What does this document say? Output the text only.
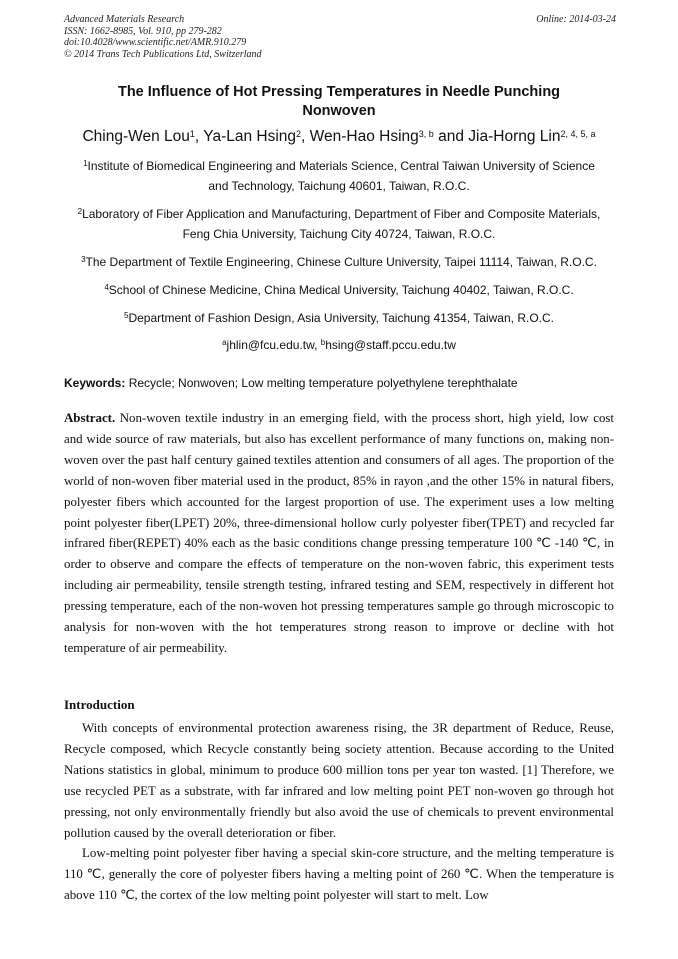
Advanced Materials Research
ISSN: 1662-8985, Vol. 910, pp 279-282
doi:10.4028/www.scientific.net/AMR.910.279
© 2014 Trans Tech Publications Ltd, Switzerland
Online: 2014-03-24
The Influence of Hot Pressing Temperatures in Needle Punching
Nonwoven
Ching-Wen Lou$^1$, Ya-Lan Hsing$^2$, Wen-Hao Hsing$^{3, b}$ and Jia-Horng Lin$^{2, 4, 5, a}$
$^1$Institute of Biomedical Engineering and Materials Science, Central Taiwan University of Science
and Technology, Taichung 40601, Taiwan, R.O.C.
$^2$Laboratory of Fiber Application and Manufacturing, Department of Fiber and Composite Materials,
Feng Chia University, Taichung City 40724, Taiwan, R.O.C.
$^3$The Department of Textile Engineering, Chinese Culture University, Taipei 11114, Taiwan, R.O.C.
$^4$School of Chinese Medicine, China Medical University, Taichung 40402, Taiwan, R.O.C.
$^5$Department of Fashion Design, Asia University, Taichung 41354, Taiwan, R.O.C.
$^a$jhlin@fcu.edu.tw, $^b$hsing@staff.pccu.edu.tw
Keywords: Recycle; Nonwoven; Low melting temperature polyethylene terephthalate
Abstract. Non-woven textile industry in an emerging field, with the process short, high yield, low cost and wide source of raw materials, but also has excellent performance of many functions on, making non-woven over the past half century gained textiles attention and consumers of all ages. The proportion of the world of non-woven fiber material used in the product, 85% in rayon ,and the other 15% in natural fibers, polyester fibers which accounted for the largest proportion of use. The experiment uses a low melting point polyester fiber(LPET) 20%, three-dimensional hollow curly polyester fiber(TPET) and recycled far infrared fiber(REPET) 40% each as the basic conditions change pressing temperature 100 ℃ -140 ℃, in order to observe and compare the effects of temperature on the non-woven fabric, this experiment tests including air permeability, tensile strength testing, infrared testing and SEM, respectively in different hot pressing temperature, each of the non-woven hot pressing temperatures sample go through microscopic to analysis for non-woven with the hot temperatures strong reason to improve or decline with hot temperature of air permeability.
Introduction
With concepts of environmental protection awareness rising, the 3R department of Reduce, Reuse, Recycle composed, which Recycle constantly being society attention. Because according to the United Nations statistics in global, minimum to produce 600 million tons per year ton wasted. [1] Therefore, we use recycled PET as a substrate, with far infrared and low melting point PET non-woven go through hot pressing, not only environmentally friendly but also avoid the use of chemicals to prevent environmental pollution caused by the overall deterioration or fiber.
Low-melting point polyester fiber having a special skin-core structure, and the melting temperature is 110 ℃, generally the core of polyester fibers having a melting point of 260 ℃. When the temperature is above 110 ℃, the cortex of the low melting point polyester will start to melt. Low
